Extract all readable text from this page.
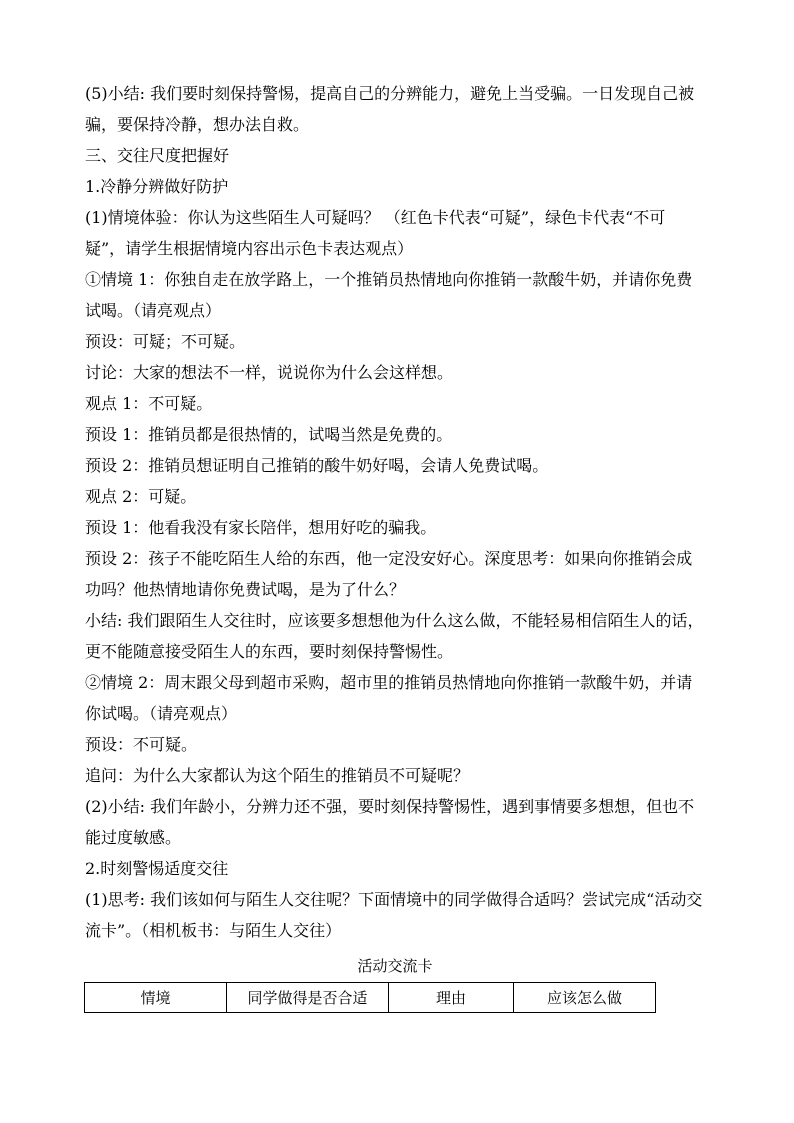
(5)小结: 我们要时刻保持警惕，提高自己的分辨能力，避免上当受骗。一日发现自己被骗，要保持冷静，想办法自救。

三、交往尺度把握好

1.冷静分辨做好防护

(1)情境体验：你认为这些陌生人可疑吗？ （红色卡代表“可疑”，绿色卡代表“不可疑”，请学生根据情境内容出示色卡表达观点）

①情境 1：你独自走在放学路上，一个推销员热情地向你推销一款酸牛奶，并请你免费试喝。（请亮观点）

预设：可疑；不可疑。

讨论：大家的想法不一样，说说你为什么会这样想。

观点 1：不可疑。

预设 1：推销员都是很热情的，试喝当然是免费的。

预设 2：推销员想证明自己推销的酸牛奶好喝，会请人免费试喝。

观点 2：可疑。

预设 1：他看我没有家长陪伴，想用好吃的骗我。

预设 2：孩子不能吃陌生人给的东西，他一定没安好心。深度思考：如果向你推销会成功吗？他热情地请你免费试喝，是为了什么？

小结: 我们跟陌生人交往时，应该要多想想他为什么这么做，不能轻易相信陌生人的话，更不能随意接受陌生人的东西，要时刻保持警惕性。

②情境 2：周末跟父母到超市采购，超市里的推销员热情地向你推销一款酸牛奶，并请你试喝。（请亮观点）

预设：不可疑。

追问：为什么大家都认为这个陌生的推销员不可疑呢？

(2)小结: 我们年龄小，分辨力还不强，要时刻保持警惕性，遇到事情要多想想，但也不能过度敏感。

2.时刻警惕适度交往

(1)思考: 我们该如何与陌生人交往呢？下面情境中的同学做得合适吗？尝试完成“活动交流卡”。（相机板书：与陌生人交往）

活动交流卡
情境	同学做得是否合适	理由	应该怎么做
